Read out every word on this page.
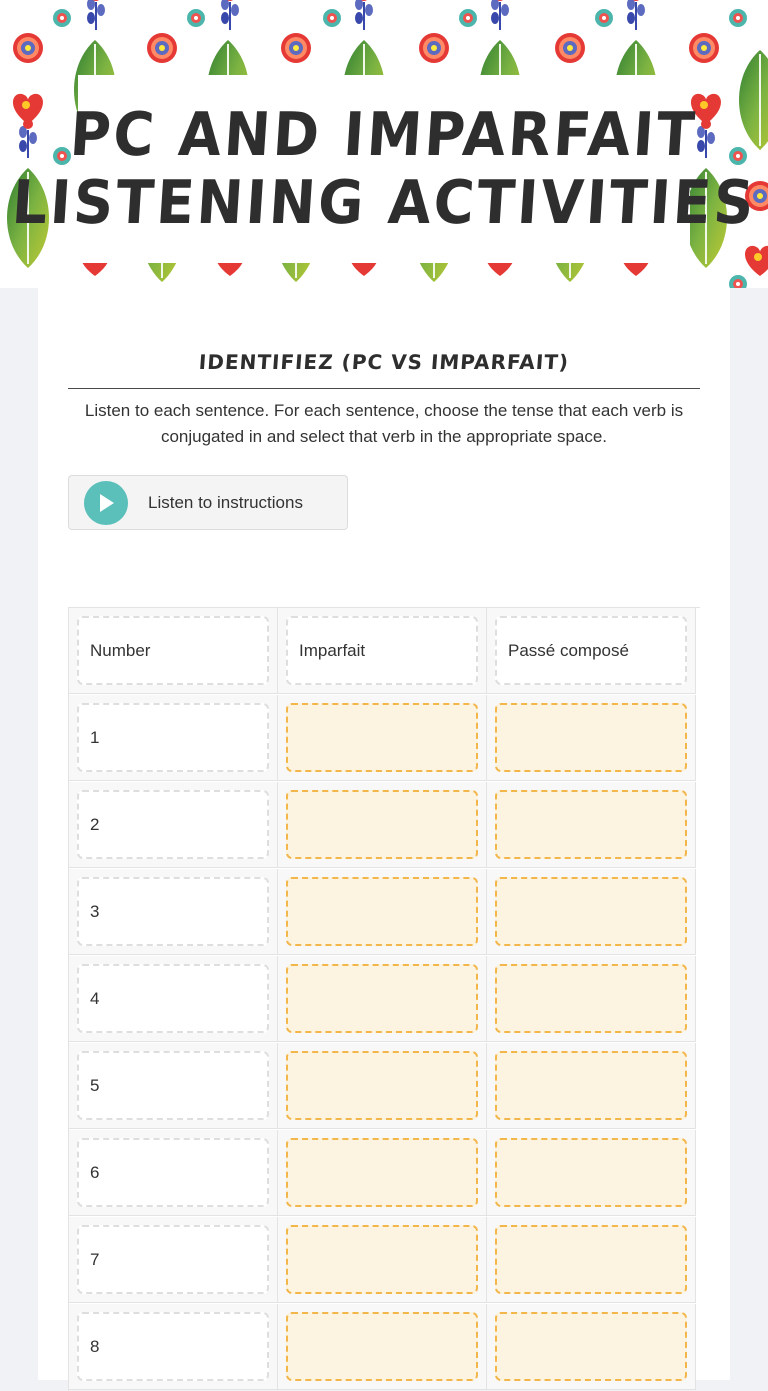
PC AND IMPARFAIT
LISTENING ACTIVITIES
IDENTIFIEZ (PC VS IMPARFAIT)
Listen to each sentence. For each sentence, choose the tense that each verb is conjugated in and select that verb in the appropriate space.
Listen to instructions
Number	Imparfait	Passé composé
1
2
3
4
5
6
7
8
